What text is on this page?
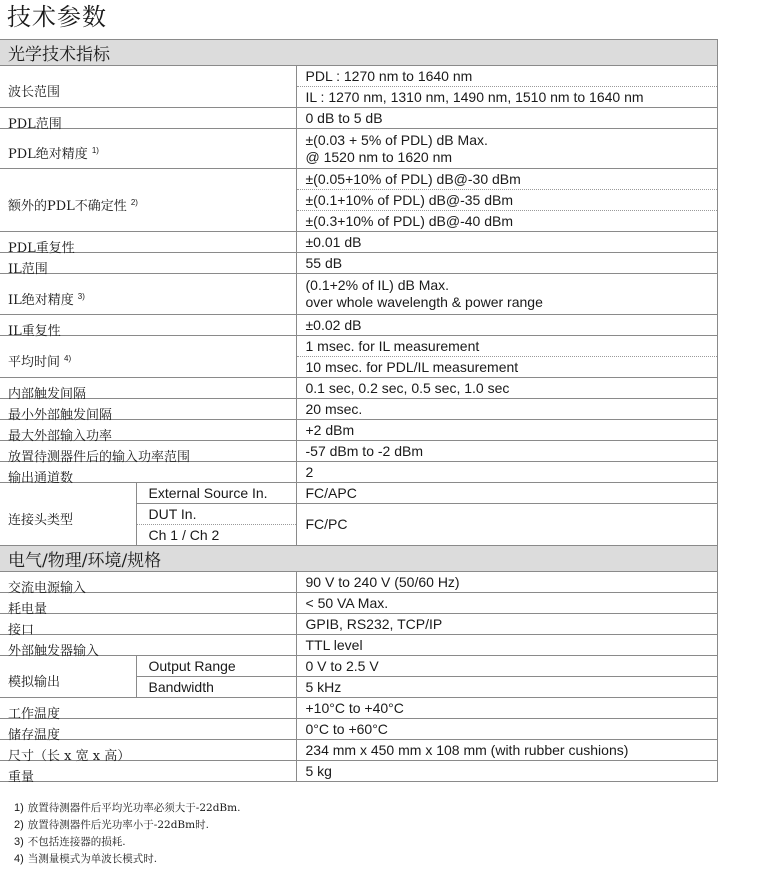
技术参数
光学技术指标		
波长范围		PDL : 1270 nm to 1640 nm
		IL : 1270 nm, 1310 nm, 1490 nm, 1510 nm to 1640 nm
PDL范围		0 dB to 5 dB
PDL绝对精度 $^{1)}$		±(0.03 + 5% of PDL) dB Max.
@ 1520 nm to 1620 nm

额外的PDL不确定性 $^{2)}$		±(0.05+10% of PDL) dB@-30 dBm
		±(0.1+10% of PDL) dB@-35 dBm
		±(0.3+10% of PDL) dB@-40 dBm
PDL重复性		±0.01 dB
IL范围		55 dB
IL绝对精度 $^{3)}$		(0.1+2% of IL) dB Max.
over whole wavelength & power range

IL重复性		±0.02 dB
平均时间 $^{4)}$		1 msec. for IL measurement
		10 msec. for PDL/IL measurement
内部触发间隔		0.1 sec, 0.2 sec, 0.5 sec, 1.0 sec
最小外部触发间隔		20 msec.
最大外部输入功率		+2 dBm
放置待测器件后的输入功率范围		-57 dBm to -2 dBm
输出通道数		2
连接头类型	External Source In.	FC/APC
	DUT In.	FC/PC
	Ch 1 / Ch 2	
电气/物理/环境/规格		
交流电源输入		90 V to 240 V (50/60 Hz)
耗电量		< 50 VA Max.
接口		GPIB, RS232, TCP/IP
外部触发器输入		TTL level
模拟输出	Output Range	0 V to 2.5 V
	Bandwidth	5 kHz
工作温度		+10°C to +40°C
储存温度		0°C to +60°C
尺寸（长 x 宽 x 高）		234 mm x 450 mm x 108 mm (with rubber cushions)
重量		5 kg
1) 放置待测器件后平均光功率必须大于-22dBm.
2) 放置待测器件后光功率小于-22dBm时.
3) 不包括连接器的损耗.
4) 当测量模式为单波长模式时.
